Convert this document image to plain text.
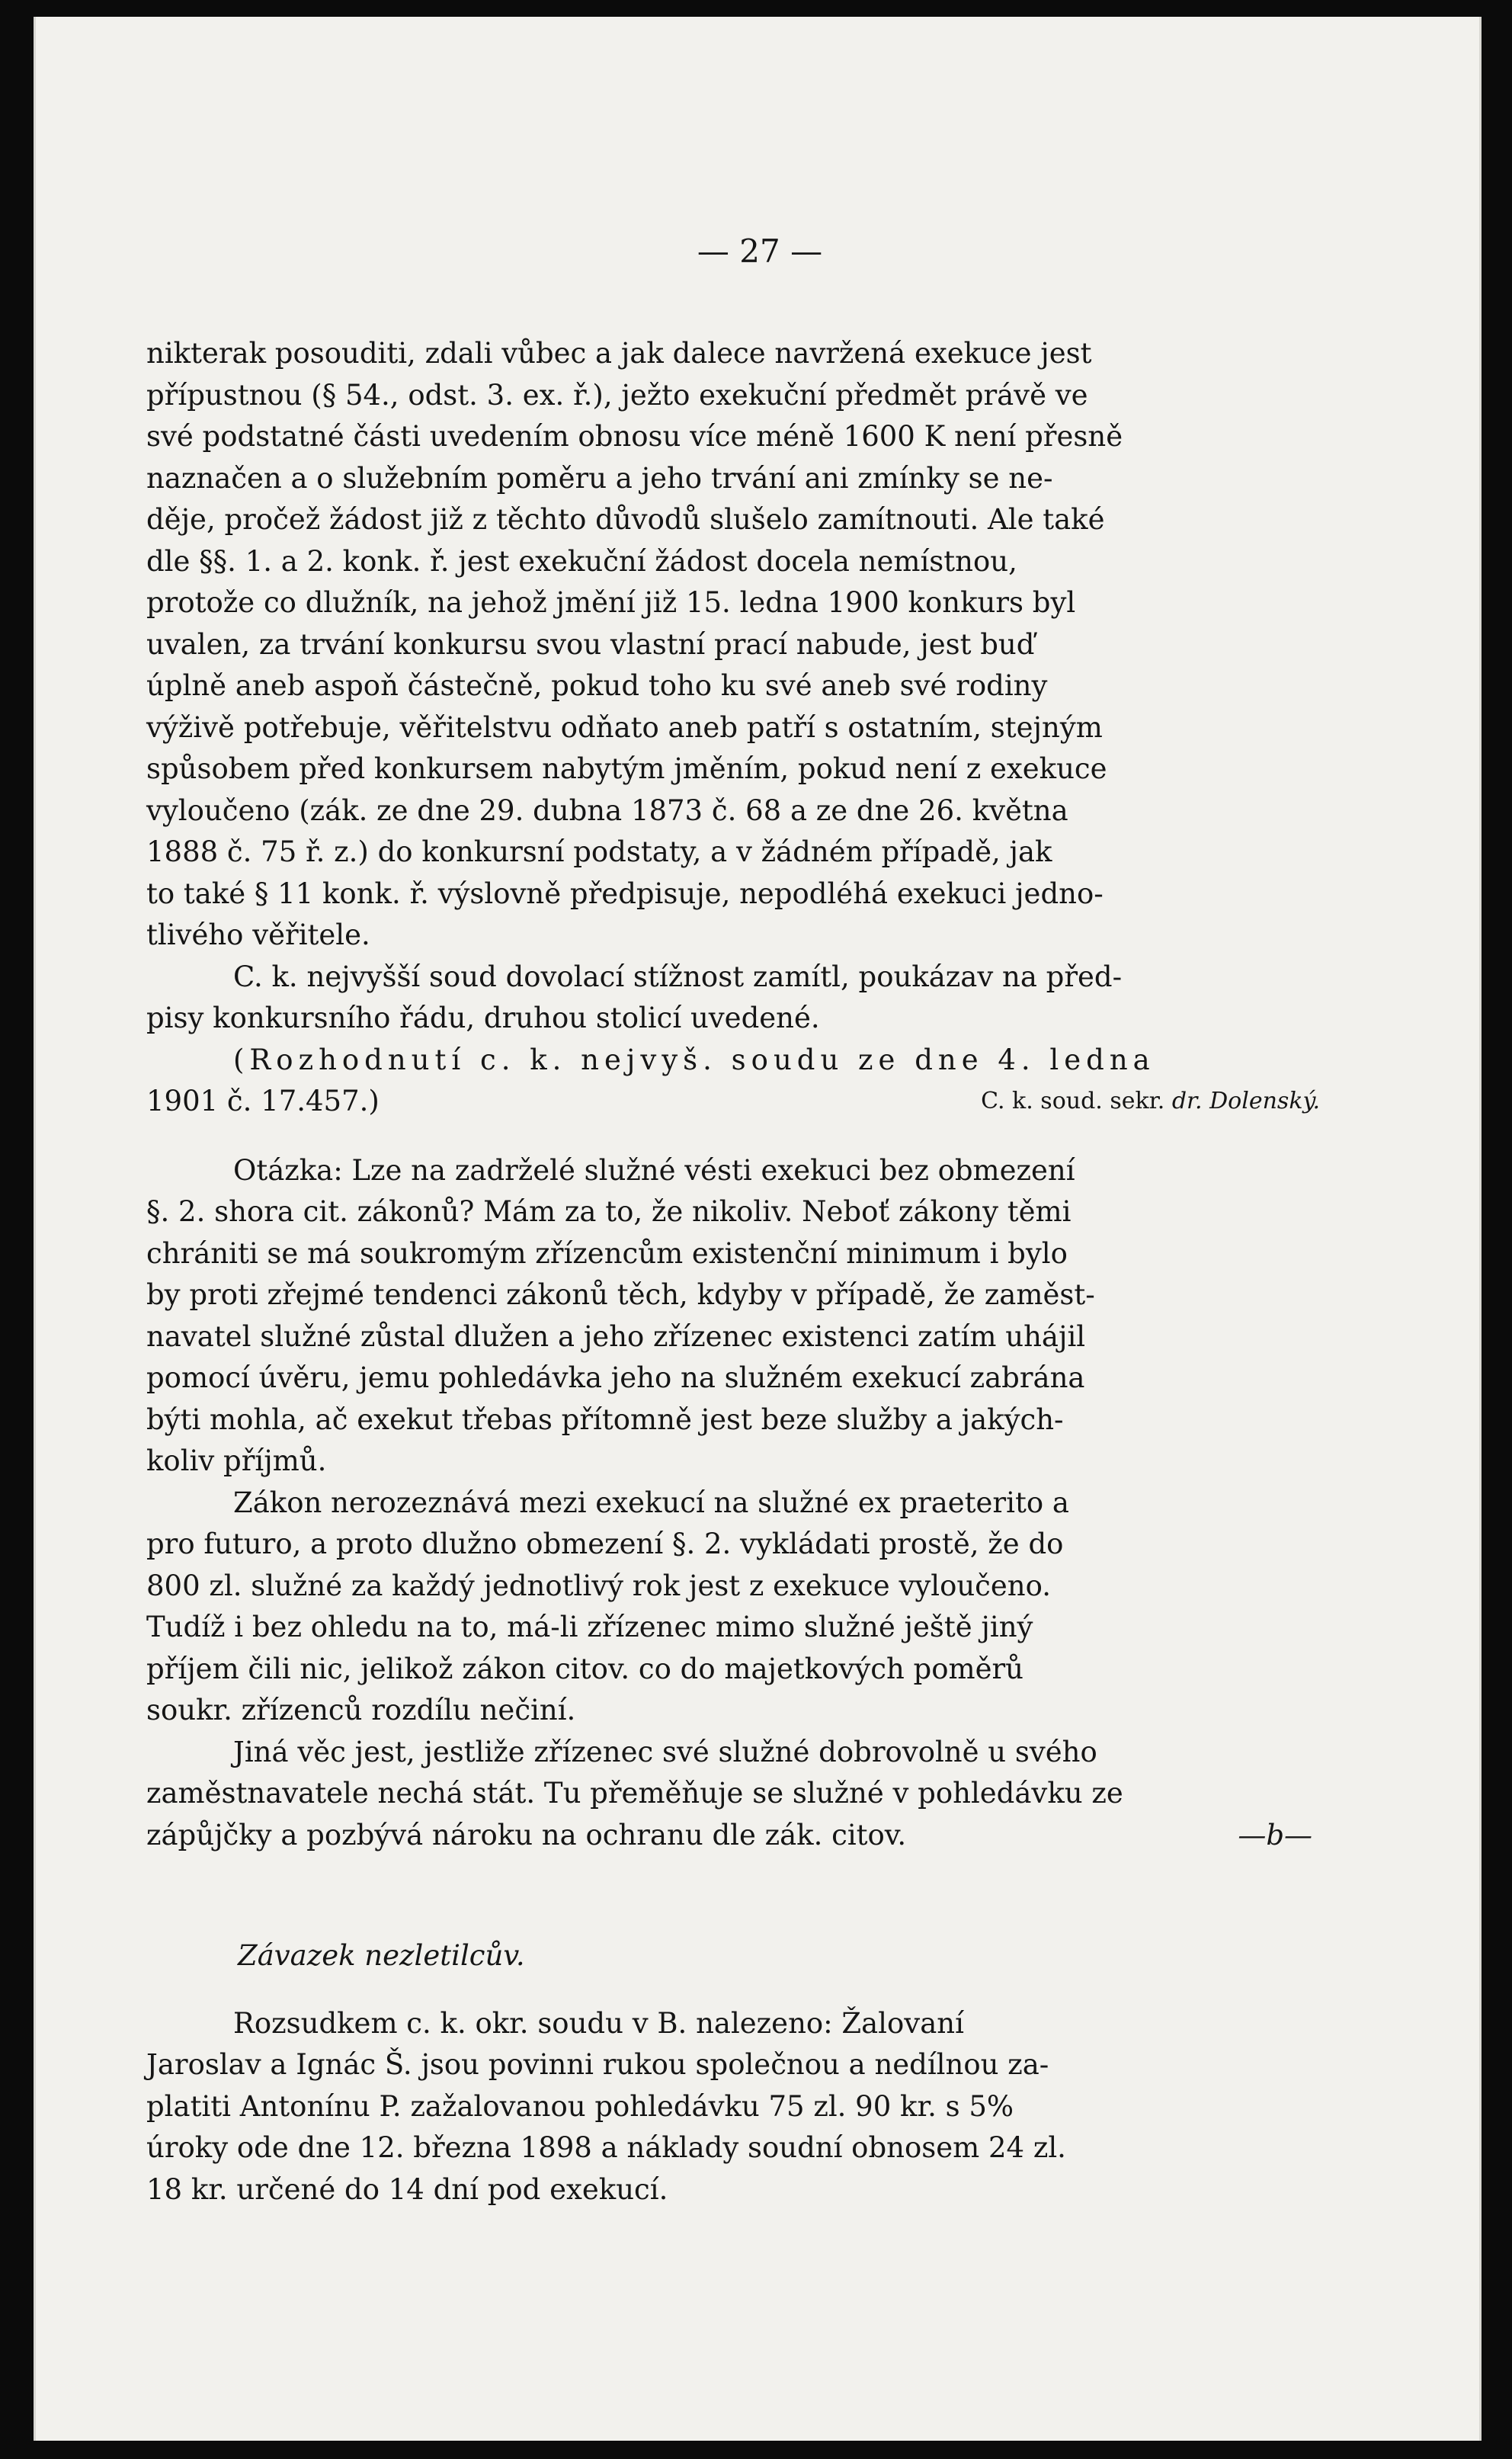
— 27 —

nikterak posouditi, zdali vůbec a jak dalece navržená exekuce jest

přípustnou (§ 54., odst. 3. ex. ř.), ježto exekuční předmět právě ve

své podstatné části uvedením obnosu více méně 1600 K není přesně

naznačen a o služebním poměru a jeho trvání ani zmínky se ne-

děje, pročež žádost již z těchto důvodů slušelo zamítnouti. Ale také

dle §§. 1. a 2. konk. ř. jest exekuční žádost docela nemístnou,

protože co dlužník, na jehož jmění již 15. ledna 1900 konkurs byl

uvalen, za trvání konkursu svou vlastní prací nabude, jest buď

úplně aneb aspoň částečně, pokud toho ku své aneb své rodiny

výživě potřebuje, věřitelstvu odňato aneb patří s ostatním, stejným

spůsobem před konkursem nabytým jměním, pokud není z exekuce

vyloučeno (zák. ze dne 29. dubna 1873 č. 68 a ze dne 26. května

1888 č. 75 ř. z.) do konkursní podstaty, a v žádném případě, jak

to také § 11 konk. ř. výslovně předpisuje, nepodléhá exekuci jedno-

tlivého věřitele.

C. k. nejvyšší soud dovolací stížnost zamítl, poukázav na před-

pisy konkursního řádu, druhou stolicí uvedené.

(Rozhodnutí c. k. nejvyš. soudu ze dne 4. ledna

1901 č. 17.457.)	C. k. soud. sekr. dr. Dolenský.

Otázka: Lze na zadrželé služné vésti exekuci bez obmezení

§. 2. shora cit. zákonů? Mám za to, že nikoliv. Neboť zákony těmi

chrániti se má soukromým zřízencům existenční minimum i bylo

by proti zřejmé tendenci zákonů těch, kdyby v případě, že zaměst-

navatel služné zůstal dlužen a jeho zřízenec existenci zatím uhájil

pomocí úvěru, jemu pohledávka jeho na služném exekucí zabrána

býti mohla, ač exekut třebas přítomně jest beze služby a jakých-

koliv příjmů.

Zákon nerozeznává mezi exekucí na služné ex praeterito a

pro futuro, a proto dlužno obmezení §. 2. vykládati prostě, že do

800 zl. služné za každý jednotlivý rok jest z exekuce vyloučeno.

Tudíž i bez ohledu na to, má-li zřízenec mimo služné ještě jiný

příjem čili nic, jelikož zákon citov. co do majetkových poměrů

soukr. zřízenců rozdílu nečiní.

Jiná věc jest, jestliže zřízenec své služné dobrovolně u svého

zaměstnavatele nechá stát. Tu přeměňuje se služné v pohledávku ze

zápůjčky a pozbývá nároku na ochranu dle zák. citov.	—b—

Závazek nezletilcův.

Rozsudkem c. k. okr. soudu v B. nalezeno: Žalovaní

Jaroslav a Ignác Š. jsou povinni rukou společnou a nedílnou za-

platiti Antonínu P. zažalovanou pohledávku 75 zl. 90 kr. s 5%

úroky ode dne 12. března 1898 a náklady soudní obnosem 24 zl.

18 kr. určené do 14 dní pod exekucí.
